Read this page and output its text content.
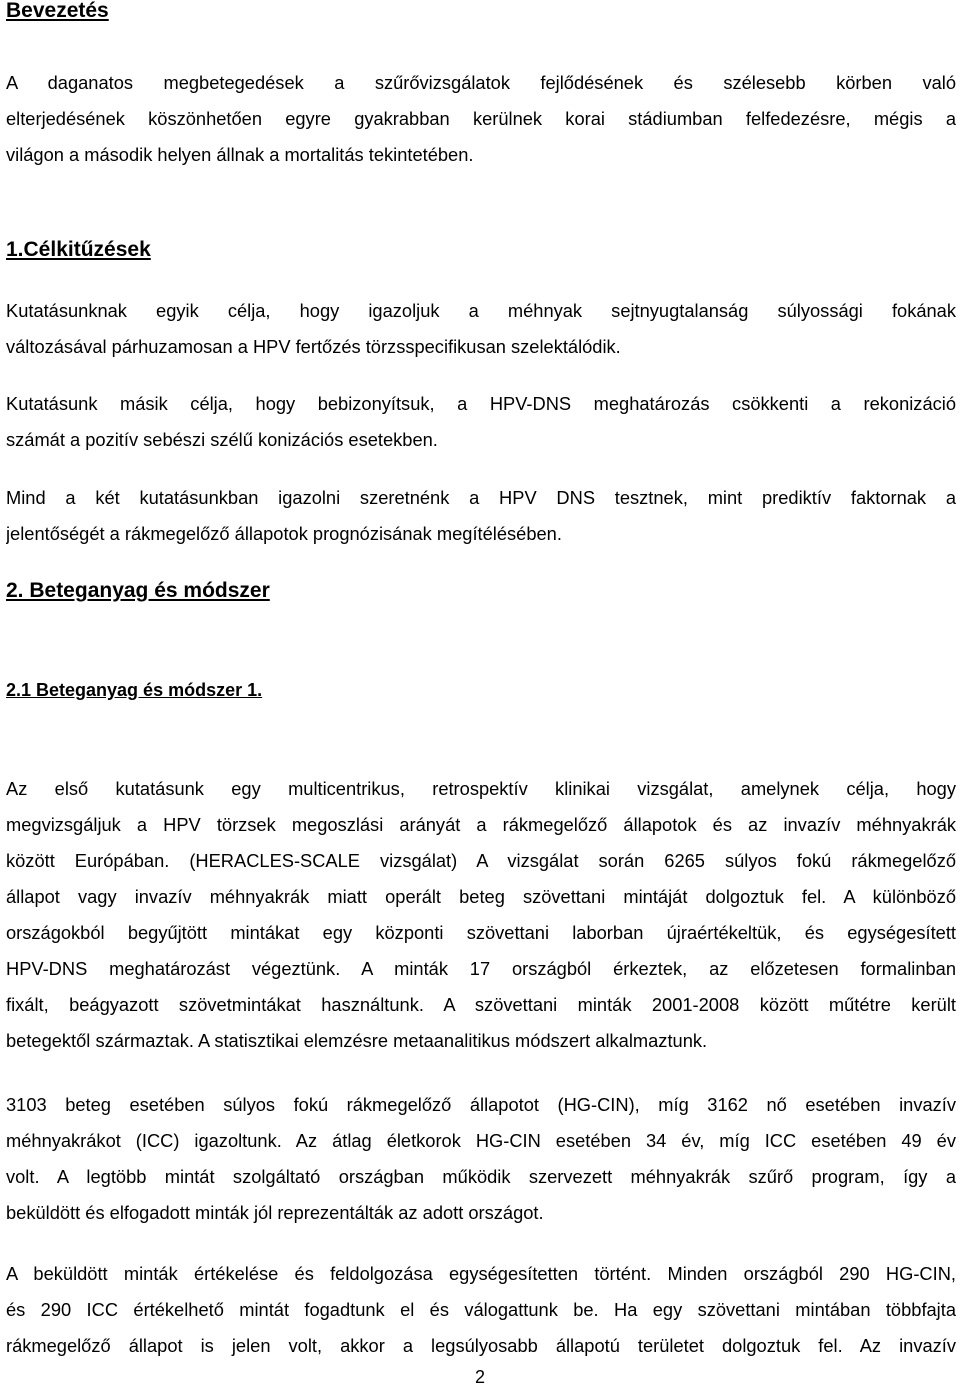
Bevezetés
A daganatos megbetegedések a szűrővizsgálatok fejlődésének és szélesebb körben való
elterjedésének köszönhetően egyre gyakrabban kerülnek korai stádiumban felfedezésre, mégis a
világon a második helyen állnak a mortalitás tekintetében.
1.Célkitűzések
Kutatásunknak egyik célja, hogy igazoljuk a méhnyak sejtnyugtalanság súlyossági fokának
változásával párhuzamosan a HPV fertőzés törzsspecifikusan szelektálódik.
Kutatásunk másik célja, hogy bebizonyítsuk, a HPV-DNS meghatározás csökkenti a rekonizáció
számát a pozitív sebészi szélű konizációs esetekben.
Mind a két kutatásunkban igazolni szeretnénk a HPV DNS tesztnek, mint prediktív faktornak a
jelentőségét a rákmegelőző állapotok prognózisának megítélésében.
2. Beteganyag és módszer
2.1 Beteganyag és módszer 1.
Az első kutatásunk egy multicentrikus, retrospektív klinikai vizsgálat, amelynek célja, hogy
megvizsgáljuk a HPV törzsek megoszlási arányát a rákmegelőző állapotok és az invazív méhnyakrák
között Európában. (HERACLES-SCALE vizsgálat) A vizsgálat során 6265 súlyos fokú rákmegelőző
állapot vagy invazív méhnyakrák miatt operált beteg szövettani mintáját dolgoztuk fel. A különböző
országokból begyűjtött mintákat egy központi szövettani laborban újraértékeltük, és egységesített
HPV-DNS meghatározást végeztünk. A minták 17 országból érkeztek, az előzetesen formalinban
fixált, beágyazott szövetmintákat használtunk. A szövettani minták 2001-2008 között műtétre került
betegektől származtak. A statisztikai elemzésre metaanalitikus módszert alkalmaztunk.
3103 beteg esetében súlyos fokú rákmegelőző állapotot (HG-CIN), míg 3162 nő esetében invazív
méhnyakrákot (ICC) igazoltunk. Az átlag életkorok HG-CIN esetében 34 év, míg ICC esetében 49 év
volt. A legtöbb mintát szolgáltató országban működik szervezett méhnyakrák szűrő program, így a
beküldött és elfogadott minták jól reprezentálták az adott országot.
A beküldött minták értékelése és feldolgozása egységesítetten történt. Minden országból 290 HG-CIN,
és 290 ICC értékelhető mintát fogadtunk el és válogattunk be. Ha egy szövettani mintában többfajta
rákmegelőző állapot is jelen volt, akkor a legsúlyosabb állapotú területet dolgoztuk fel. Az invazív
2
